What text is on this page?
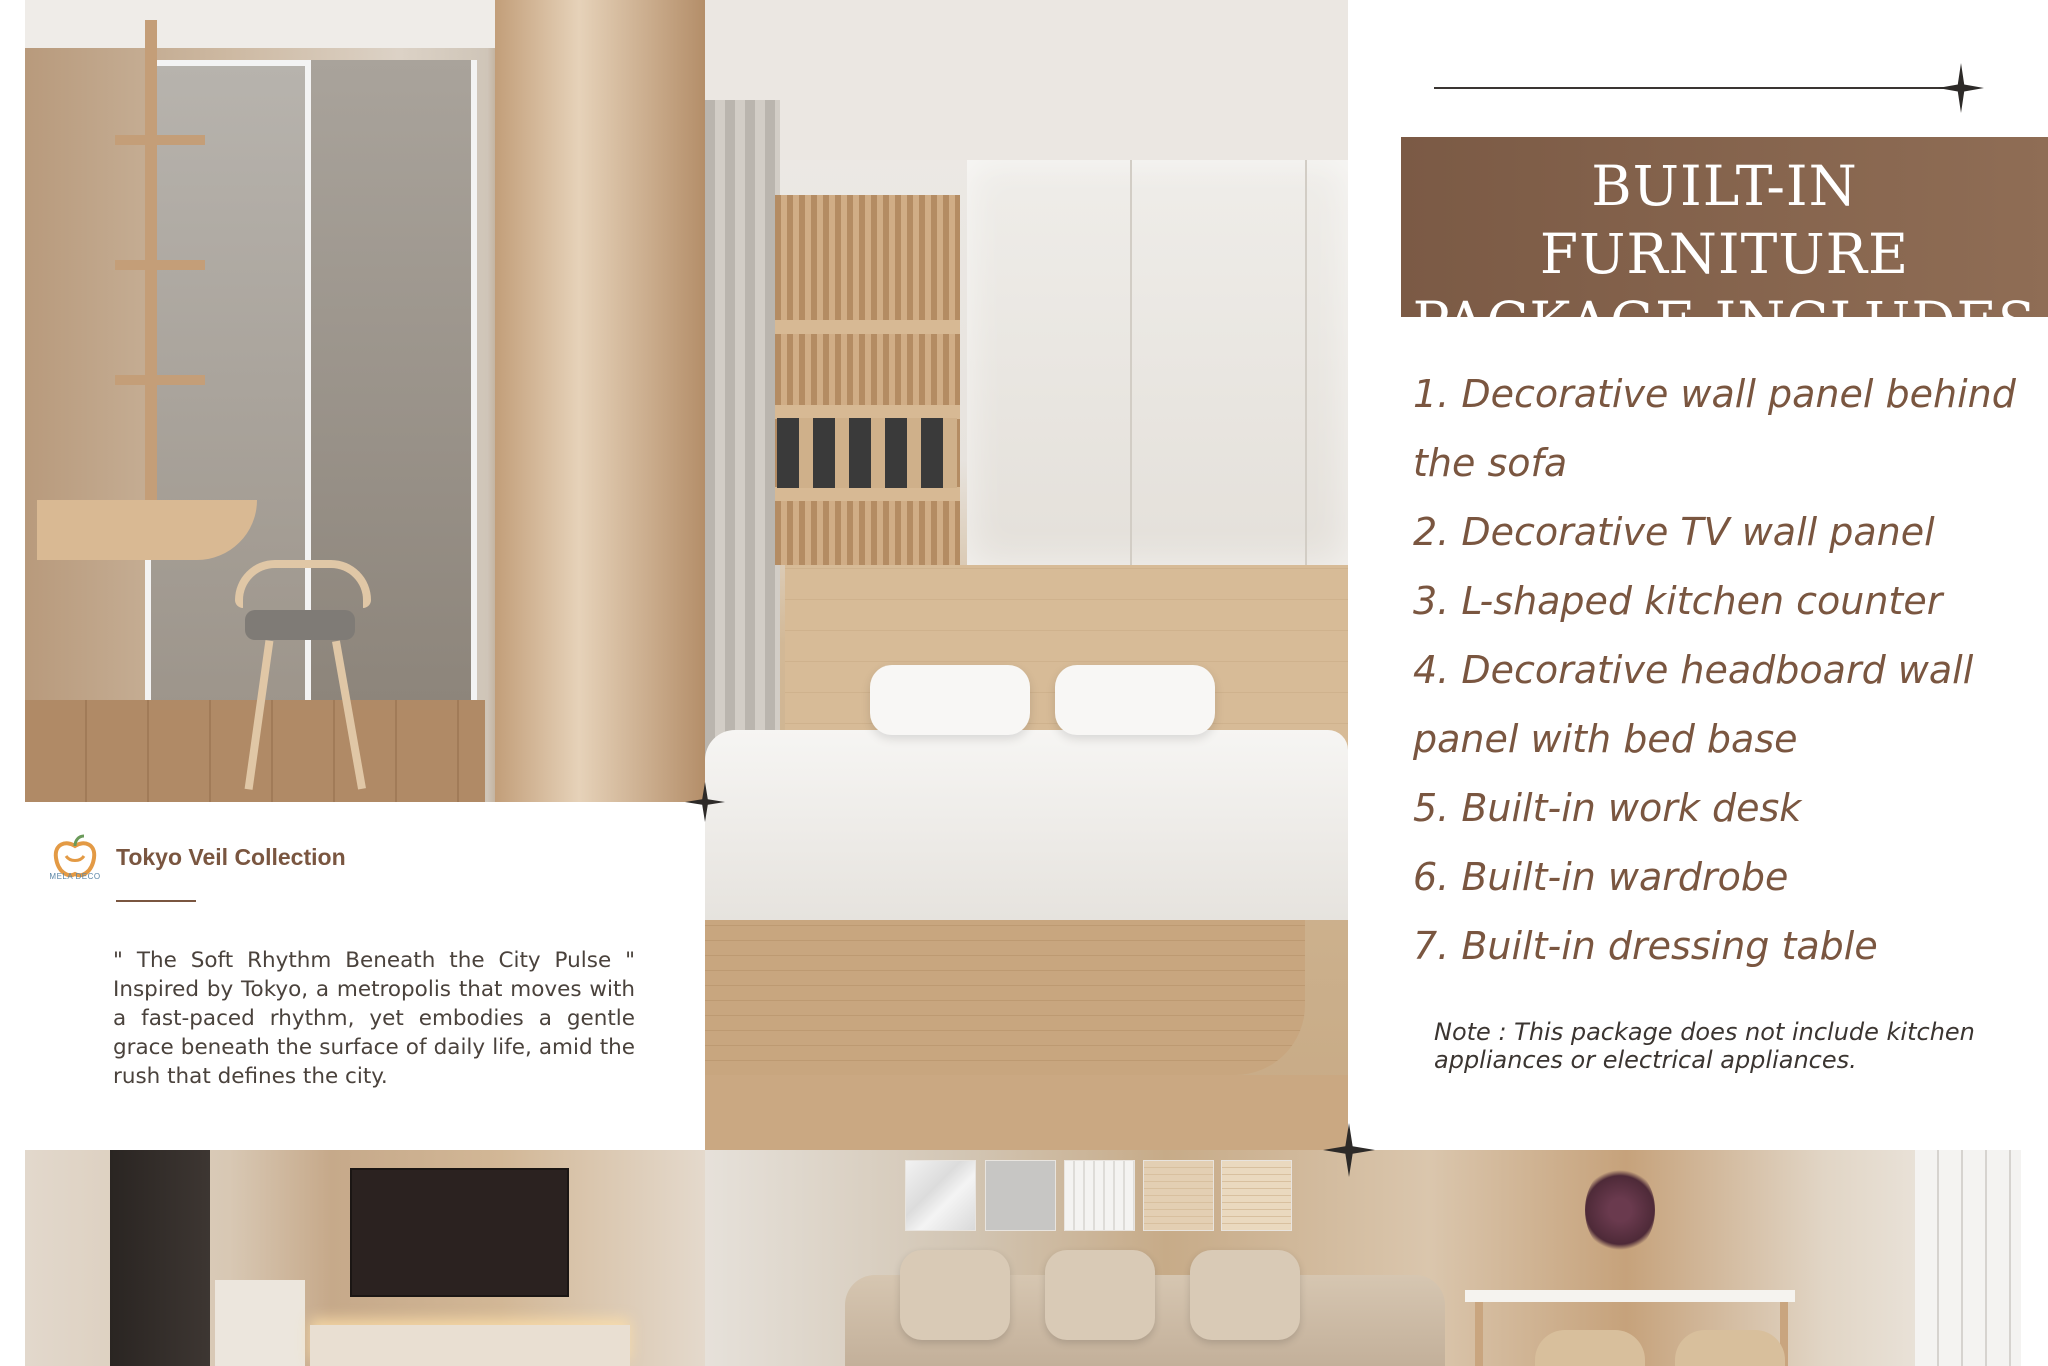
MELA DECO
Tokyo Veil Collection
" The Soft Rhythm Beneath the City Pulse " Inspired by Tokyo, a metropolis that moves with a fast-paced rhythm, yet embodies a gentle grace beneath the surface of daily life, amid the rush that defines the city.
BUILT-IN FURNITURE
PACKAGE INCLUDES
1. Decorative wall panel behind the sofa
2. Decorative TV wall panel
3. L-shaped kitchen counter
4. Decorative headboard wall panel with bed base
5. Built-in work desk
6. Built-in wardrobe
7. Built-in dressing table
Note : This package does not include kitchen appliances or electrical appliances.
